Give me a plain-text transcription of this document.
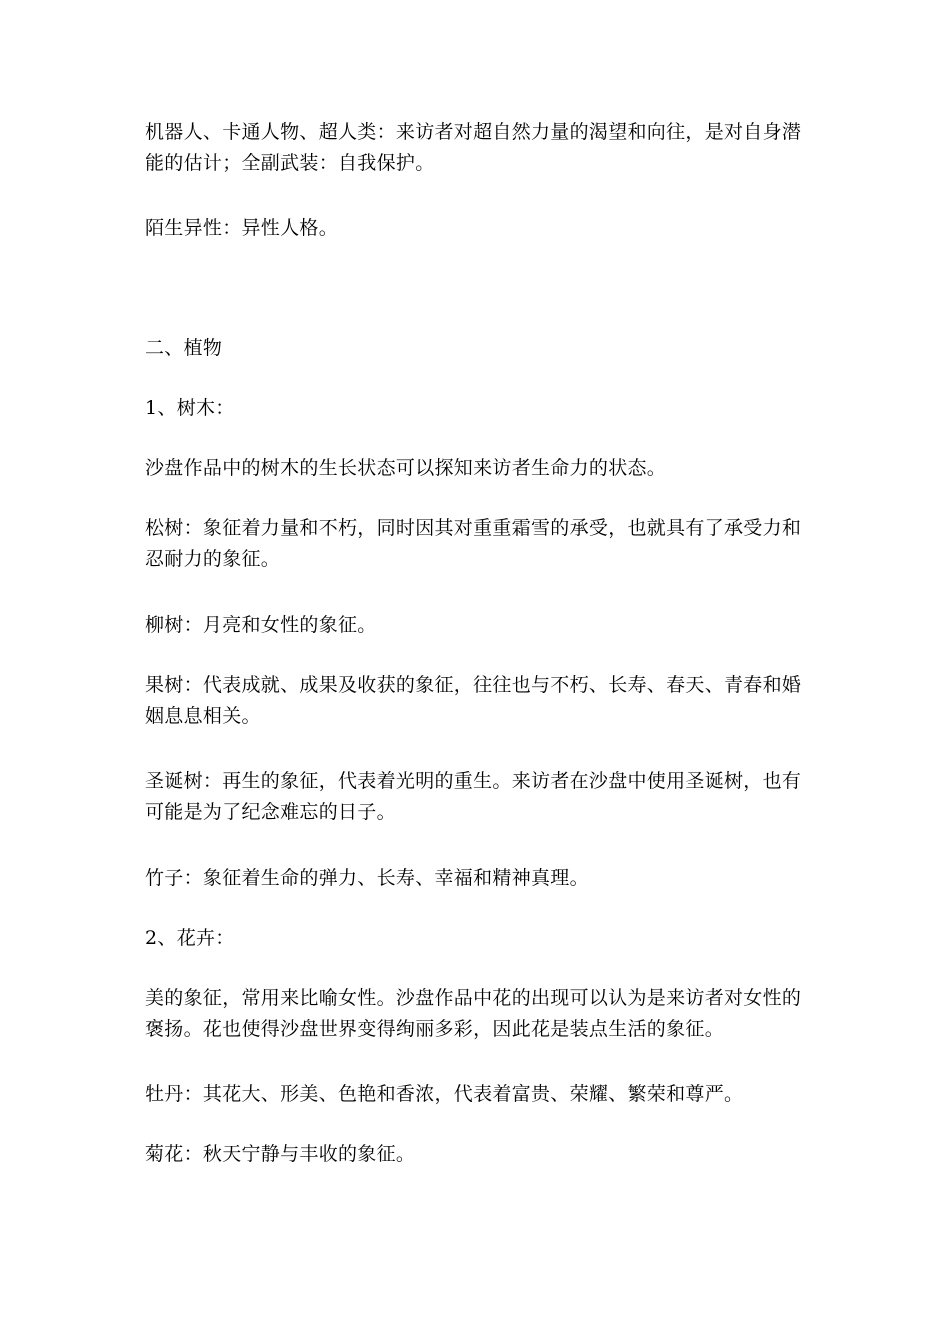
机器人、卡通人物、超人类：来访者对超自然力量的渴望和向往，是对自身潜能的估计；全副武装：自我保护。

陌生异性：异性人格。

二、植物

1、树木：

沙盘作品中的树木的生长状态可以探知来访者生命力的状态。

松树：象征着力量和不朽，同时因其对重重霜雪的承受，也就具有了承受力和忍耐力的象征。

柳树：月亮和女性的象征。

果树：代表成就、成果及收获的象征，往往也与不朽、长寿、春天、青春和婚姻息息相关。

圣诞树：再生的象征，代表着光明的重生。来访者在沙盘中使用圣诞树，也有可能是为了纪念难忘的日子。

竹子：象征着生命的弹力、长寿、幸福和精神真理。

2、花卉：

美的象征，常用来比喻女性。沙盘作品中花的出现可以认为是来访者对女性的褒扬。花也使得沙盘世界变得绚丽多彩，因此花是装点生活的象征。

牡丹：其花大、形美、色艳和香浓，代表着富贵、荣耀、繁荣和尊严。

菊花：秋天宁静与丰收的象征。
